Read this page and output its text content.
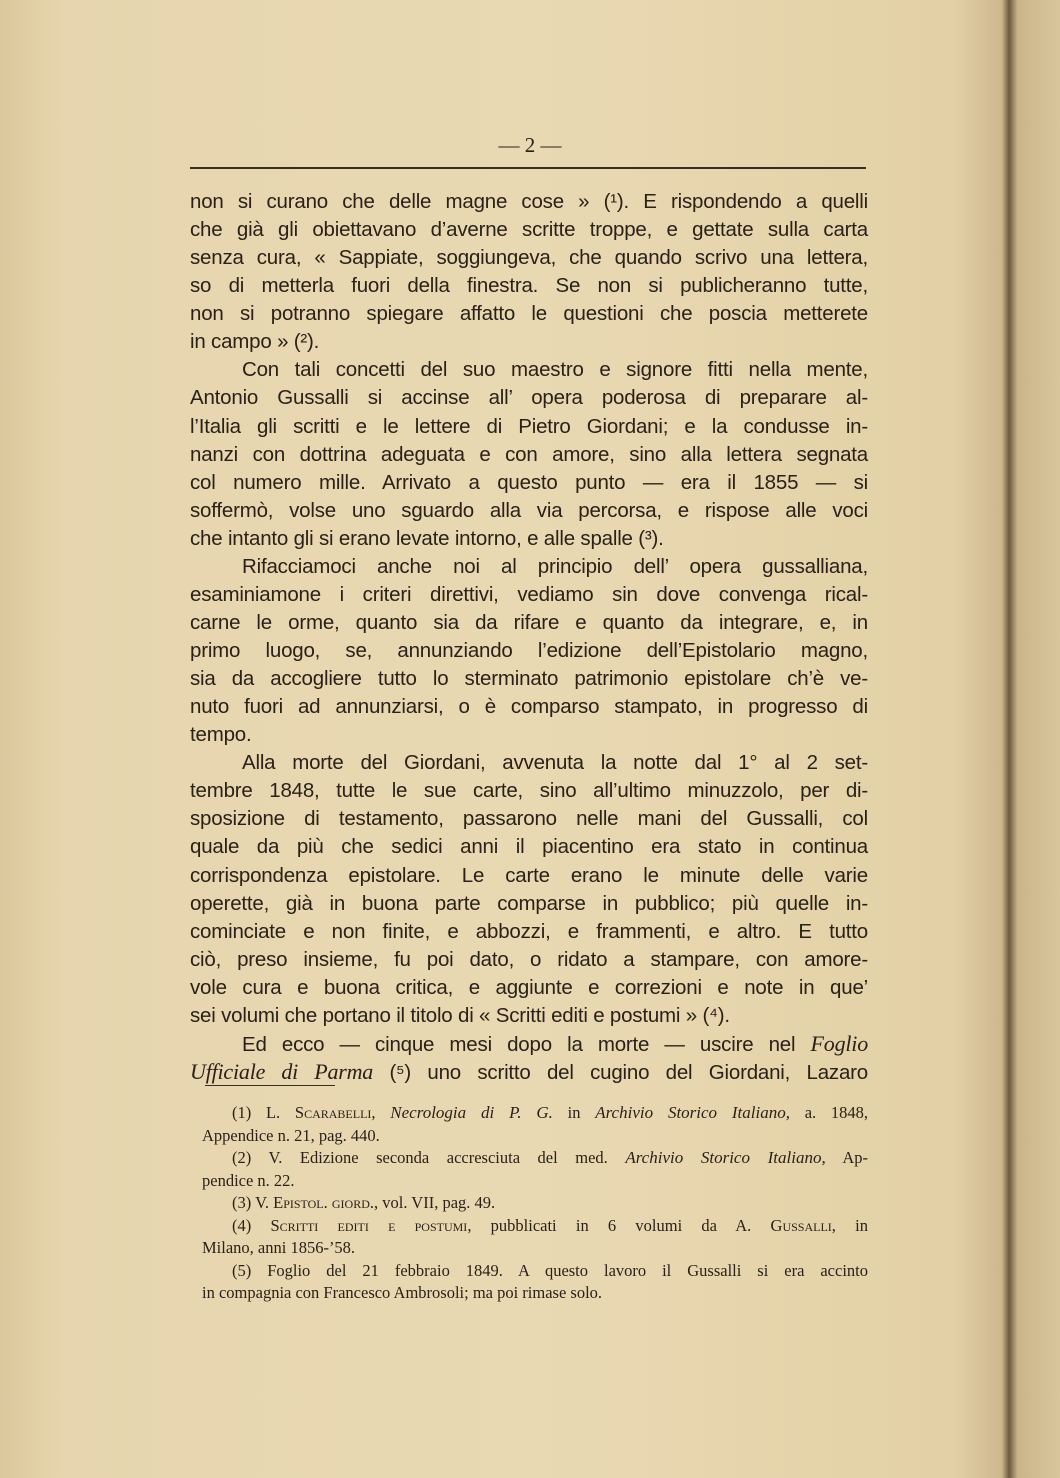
— 2 —
non si curano che delle magne cose » (¹). E rispondendo a quelli
che già gli obiettavano d’averne scritte troppe, e gettate sulla carta
senza cura, « Sappiate, soggiungeva, che quando scrivo una lettera,
so di metterla fuori della finestra. Se non si publicheranno tutte,
non si potranno spiegare affatto le questioni che poscia metterete
in campo » (²).
Con tali concetti del suo maestro e signore fitti nella mente,
Antonio Gussalli si accinse all’ opera poderosa di preparare al-
l’Italia gli scritti e le lettere di Pietro Giordani; e la condusse in-
nanzi con dottrina adeguata e con amore, sino alla lettera segnata
col numero mille. Arrivato a questo punto — era il 1855 — si
soffermò, volse uno sguardo alla via percorsa, e rispose alle voci
che intanto gli si erano levate intorno, e alle spalle (³).
Rifacciamoci anche noi al principio dell’ opera gussalliana,
esaminiamone i criteri direttivi, vediamo sin dove convenga rical-
carne le orme, quanto sia da rifare e quanto da integrare, e, in
primo luogo, se, annunziando l’edizione dell’Epistolario magno,
sia da accogliere tutto lo sterminato patrimonio epistolare ch’è ve-
nuto fuori ad annunziarsi, o è comparso stampato, in progresso di
tempo.
Alla morte del Giordani, avvenuta la notte dal 1° al 2 set-
tembre 1848, tutte le sue carte, sino all’ultimo minuzzolo, per di-
sposizione di testamento, passarono nelle mani del Gussalli, col
quale da più che sedici anni il piacentino era stato in continua
corrispondenza epistolare. Le carte erano le minute delle varie
operette, già in buona parte comparse in pubblico; più quelle in-
cominciate e non finite, e abbozzi, e frammenti, e altro. E tutto
ciò, preso insieme, fu poi dato, o ridato a stampare, con amore-
vole cura e buona critica, e aggiunte e correzioni e note in que’
sei volumi che portano il titolo di « Scritti editi e postumi » (⁴).
Ed ecco — cinque mesi dopo la morte — uscire nel Foglio
Ufficiale di Parma (⁵) uno scritto del cugino del Giordani, Lazaro
(1) L. Scarabelli, Necrologia di P. G. in Archivio Storico Italiano, a. 1848,
Appendice n. 21, pag. 440.
(2) V. Edizione seconda accresciuta del med. Archivio Storico Italiano, Ap-
pendice n. 22.
(3) V. Epistol. giord., vol. VII, pag. 49.
(4) Scritti editi e postumi, pubblicati in 6 volumi da A. Gussalli, in
Milano, anni 1856-’58.
(5) Foglio del 21 febbraio 1849. A questo lavoro il Gussalli si era accinto
in compagnia con Francesco Ambrosoli; ma poi rimase solo.
